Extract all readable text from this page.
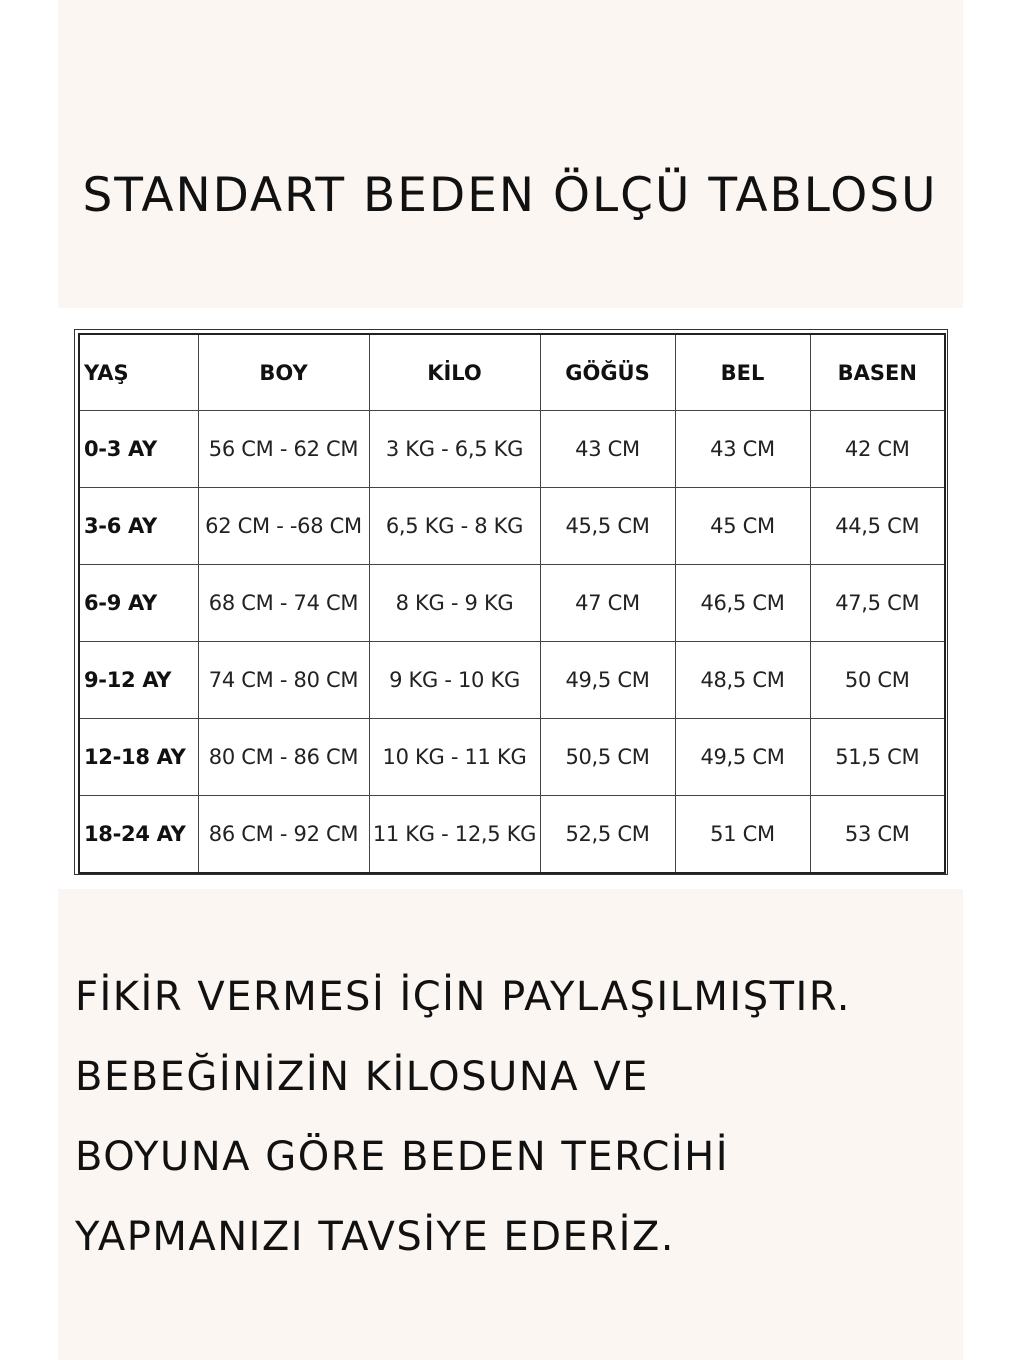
STANDART BEDEN ÖLÇÜ TABLOSU
YAŞ	BOY	KİLO	GÖĞÜS	BEL	BASEN
0-3 AY	56 CM - 62 CM	3 KG - 6,5 KG	43 CM	43 CM	42 CM
3-6 AY	62 CM - -68 CM	6,5 KG - 8 KG	45,5 CM	45 CM	44,5 CM
6-9 AY	68 CM - 74 CM	8 KG - 9 KG	47 CM	46,5 CM	47,5 CM
9-12 AY	74 CM - 80 CM	9 KG - 10 KG	49,5 CM	48,5 CM	50 CM
12-18 AY	80 CM - 86 CM	10 KG - 11 KG	50,5 CM	49,5 CM	51,5 CM
18-24 AY	86 CM - 92 CM	11 KG - 12,5 KG	52,5 CM	51 CM	53 CM
FİKİR VERMESİ İÇİN PAYLAŞILMIŞTIR.
BEBEĞİNİZİN KİLOSUNA VE
BOYUNA GÖRE BEDEN TERCİHİ
YAPMANIZI TAVSİYE EDERİZ.
